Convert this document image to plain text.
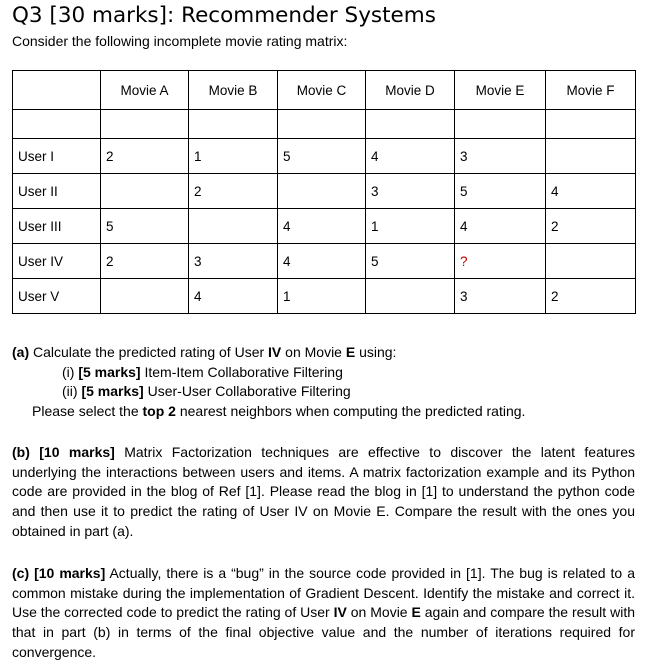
Q3 [30 marks]: Recommender Systems
Consider the following incomplete movie rating matrix:
	Movie A	Movie B	Movie C	Movie D	Movie E	Movie F

User I	2	1	5	4	3	
User II		2		3	5	4
User III	5		4	1	4	2
User IV	2	3	4	5	?	
User V		4	1		3	2
(a) Calculate the predicted rating of User IV on Movie E using:
(i) [5 marks] Item-Item Collaborative Filtering
(ii) [5 marks] User-User Collaborative Filtering
Please select the top 2 nearest neighbors when computing the predicted rating.
(b) [10 marks] Matrix Factorization techniques are effective to discover the latent features underlying the interactions between users and items. A matrix factorization example and its Python code are provided in the blog of Ref [1]. Please read the blog in [1] to understand the python code and then use it to predict the rating of User IV on Movie E. Compare the result with the ones you obtained in part (a).
(c) [10 marks] Actually, there is a “bug” in the source code provided in [1]. The bug is related to a common mistake during the implementation of Gradient Descent. Identify the mistake and correct it. Use the corrected code to predict the rating of User IV on Movie E again and compare the result with that in part (b) in terms of the final objective value and the number of iterations required for convergence.
